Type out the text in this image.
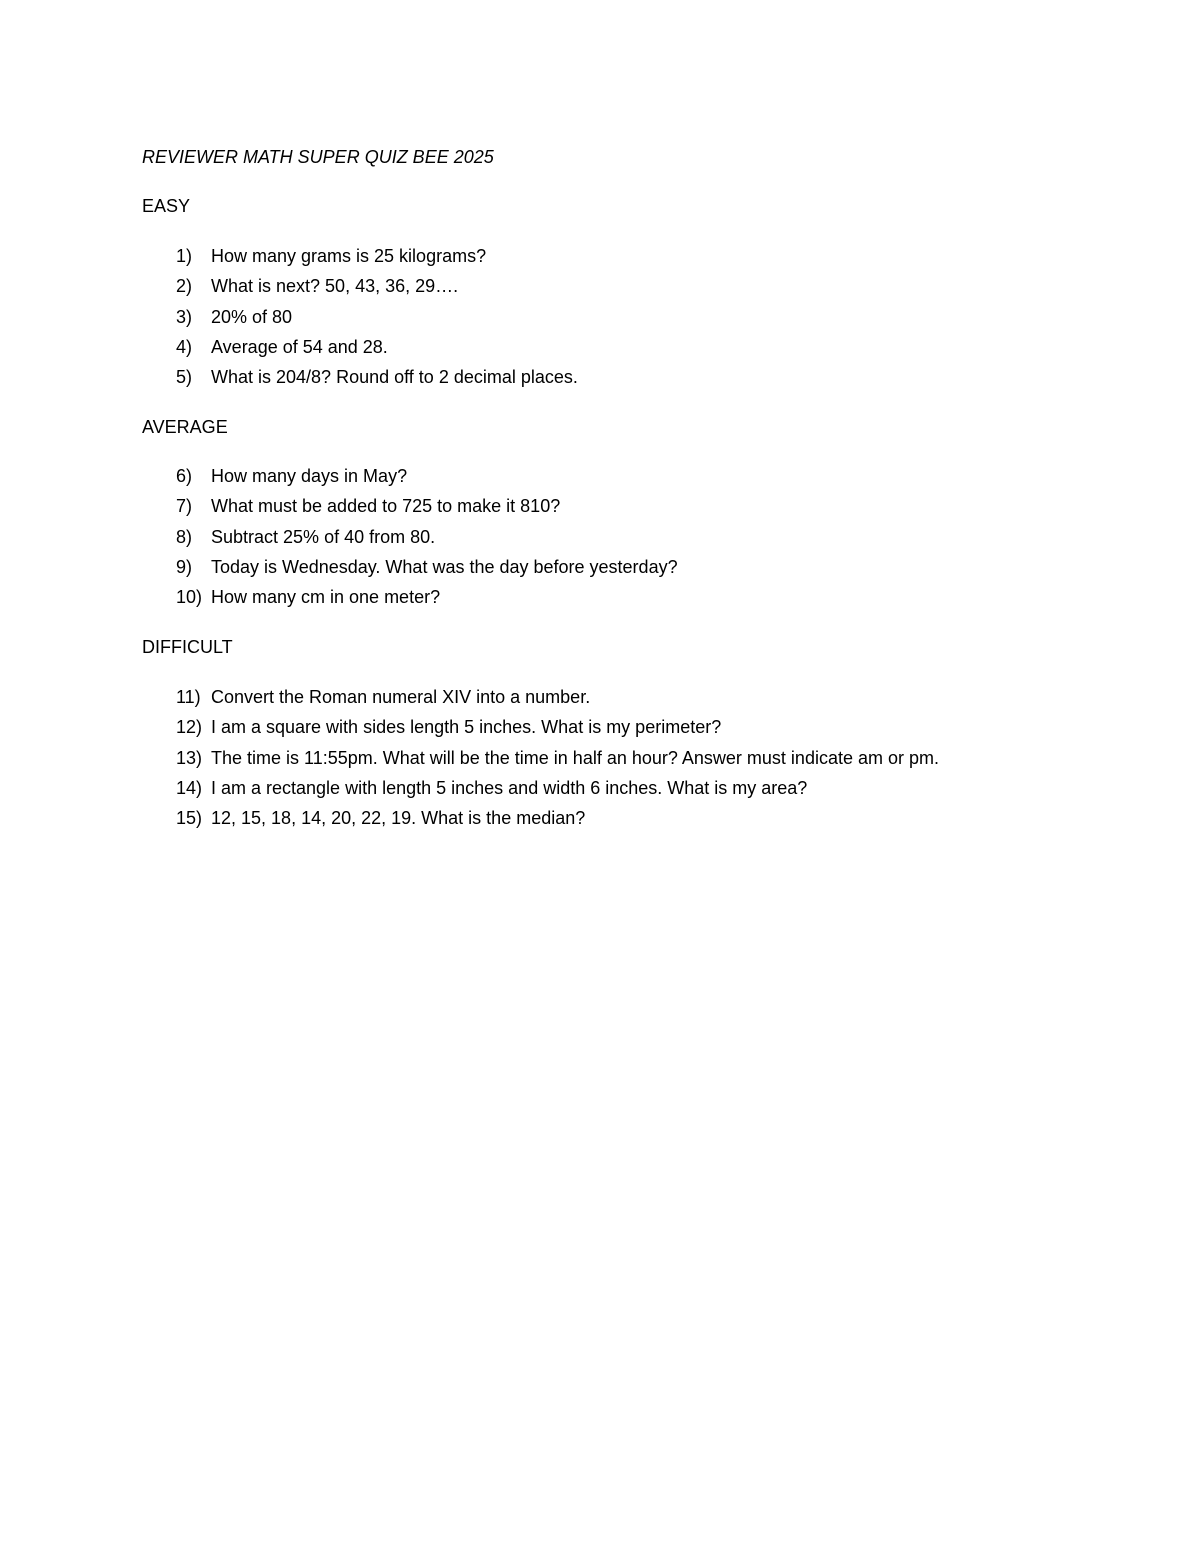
REVIEWER MATH SUPER QUIZ BEE 2025
EASY
1)	How many grams is 25 kilograms?
2)	What is next? 50, 43, 36, 29….
3)	20% of 80
4)	Average of 54 and 28.
5)	What is 204/8? Round off to 2 decimal places.
AVERAGE
6)	How many days in May?
7)	What must be added to 725 to make it 810?
8)	Subtract 25% of 40 from 80.
9)	Today is Wednesday. What was the day before yesterday?
10) How many cm in one meter?
DIFFICULT
11) Convert the Roman numeral XIV into a number.
12) I am a square with sides length 5 inches. What is my perimeter?
13) The time is 11:55pm. What will be the time in half an hour? Answer must indicate am or pm.
14) I am a rectangle with length 5 inches and width 6 inches. What is my area?
15) 12, 15, 18, 14, 20, 22, 19. What is the median?
